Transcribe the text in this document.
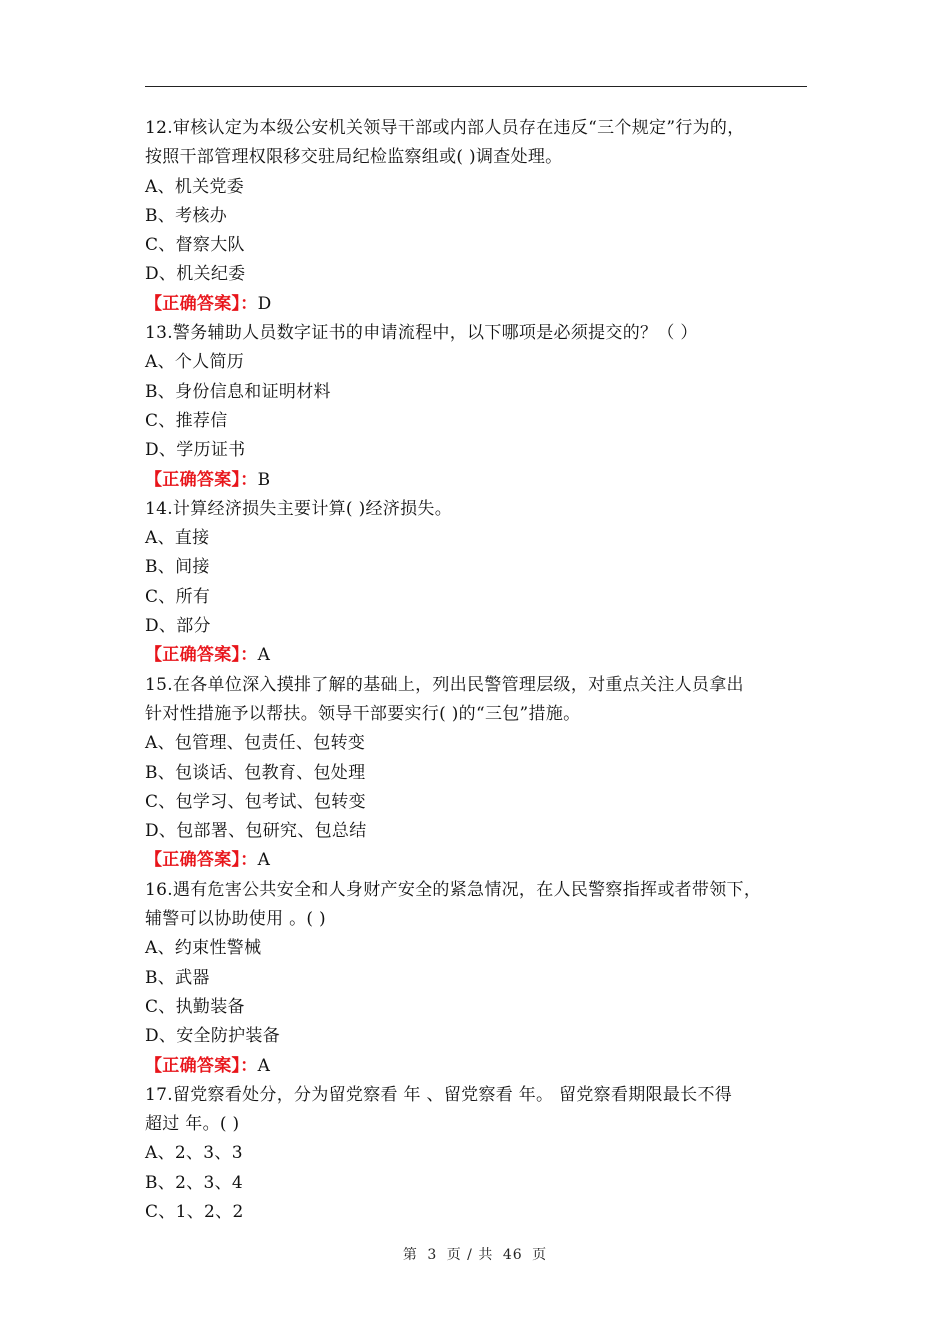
12.审核认定为本级公安机关领导干部或内部人员存在违反“三个规定”行为的，
按照干部管理权限移交驻局纪检监察组或( )调查处理。
A、机关党委
B、考核办
C、督察大队
D、机关纪委
【正确答案】：D
13.警务辅助人员数字证书的申请流程中，以下哪项是必须提交的？（ ）
A、个人简历
B、身份信息和证明材料
C、推荐信
D、学历证书
【正确答案】：B
14.计算经济损失主要计算( )经济损失。
A、直接
B、间接
C、所有
D、部分
【正确答案】：A
15.在各单位深入摸排了解的基础上，列出民警管理层级，对重点关注人员拿出
针对性措施予以帮扶。领导干部要实行( )的“三包”措施。
A、包管理、包责任、包转变
B、包谈话、包教育、包处理
C、包学习、包考试、包转变
D、包部署、包研究、包总结
【正确答案】：A
16.遇有危害公共安全和人身财产安全的紧急情况，在人民警察指挥或者带领下，
辅警可以协助使用 。( )
A、约束性警械
B、武器
C、执勤装备
D、安全防护装备
【正确答案】：A
17.留党察看处分，分为留党察看 年 、留党察看 年。 留党察看期限最长不得
超过 年。( )
A、2、3、3
B、2、3、4
C、1、2、2
第 3 页 / 共 46 页
